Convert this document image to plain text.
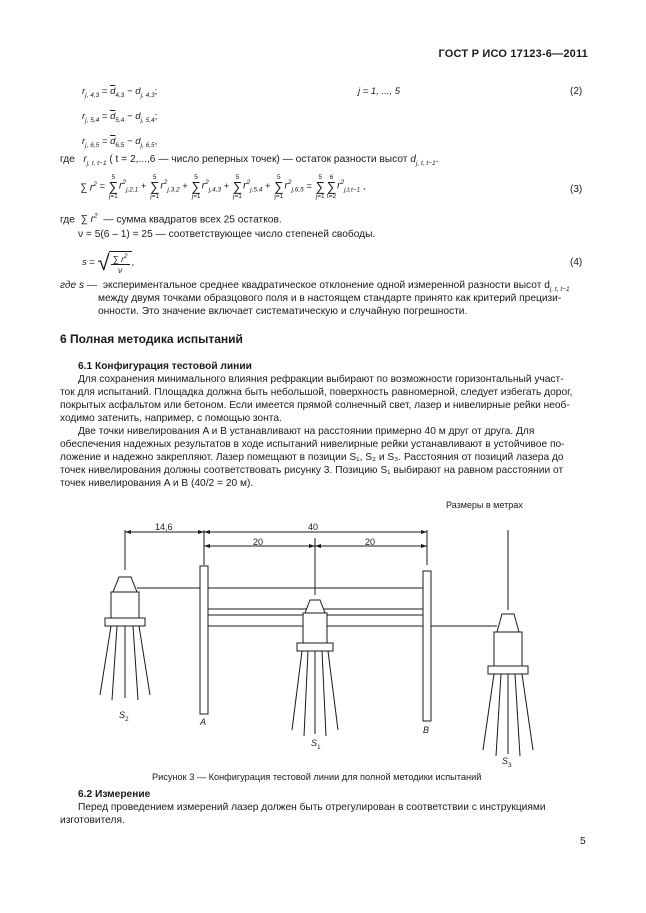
ГОСТ Р ИСО 17123-6—2011
$r_{j, 4,3} = \overline{d}_{4,3} - d_{j, 4,3}$;	j = 1, ..., 5	(2)
$r_{j, 5,4} = \overline{d}_{5,4} - d_{j, 5,4}$;
$r_{j, 6,5} = \overline{d}_{6,5} - d_{j, 6,5}$,
где $r_{j, t, t-1}$ ( t = 2,...,6 — число реперных точек) — остаток разности высот $d_{j, t, t-1}$.
∑ $r^2$ =
5
∑
j=1
$r^2_{j,2,1}$ +
5
∑
j=1
$r^2_{j,3,2}$ +
5
∑
j=1
$r^2_{j,4,3}$ +
5
∑
j=1
$r^2_{j,5,4}$ +
5
∑
j=1
$r^2_{j,6,5}$ =
5
∑
j=1
6
∑
t=2
$r^2_{j,t,t-1}$ ,	(3)
где ∑ $r^2$ — сумма квадратов всех 25 остатков.
ν = 5(6 – 1) = 25 — соответствующее число степеней свободы.
s = √ $\frac{\sum r^2}{\nu}$ ,	(4)
где s — экспериментальное среднее квадратическое отклонение одной измеренной разности высот $d_{j, t, t-1}$
между двумя точками образцового поля и в настоящем стандарте принято как критерий прецизи-
онности. Это значение включает систематическую и случайную погрешности.
6 Полная методика испытаний
6.1 Конфигурация тестовой линии
Для сохранения минимального влияния рефракции выбирают по возможности горизонтальный участ-
ток для испытаний. Площадка должна быть небольшой, поверхность равномерной, следует избегать дорог,
покрытых асфальтом или бетоном. Если имеется прямой солнечный свет, лазер и нивелирные рейки необ-
ходимо затенить, например, с помощью зонта.
Две точки нивелирования A и B устанавливают на расстоянии примерно 40 м друг от друга. Для
обеспечения надежных результатов в ходе испытаний нивелирные рейки устанавливают в устойчивое по-
ложение и надежно закрепляют. Лазер помещают в позиции S₁, S₂ и S₃. Расстояния от позиций лазера до
точек нивелирования должны соответствовать рисунку 3. Позицию S₁ выбирают на равном расстоянии от
точек нивелирования A и B (40/2 = 20 м).
Размеры в метрах
14,6	40
20	20
$S_2$	A
$S_1$
B
$S_3$
Рисунок 3 — Конфигурация тестовой линии для полной методики испытаний
6.2 Измерение
Перед проведением измерений лазер должен быть отрегулирован в соответствии с инструкциями
изготовителя.
5
